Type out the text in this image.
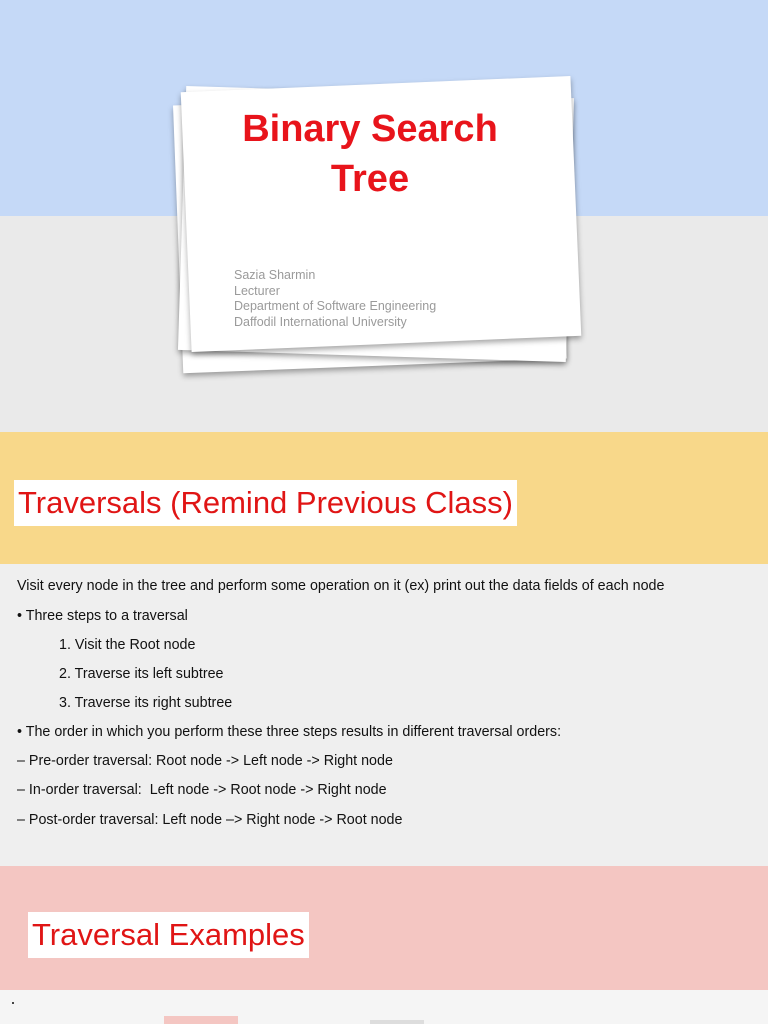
Binary Search
Tree
Sazia Sharmin
Lecturer
Department of Software Engineering
Daffodil International University
Traversals (Remind Previous Class)
Visit every node in the tree and perform some operation on it (ex) print out the data fields of each node
• Three steps to a traversal
1. Visit the Root node
2. Traverse its left subtree
3. Traverse its right subtree
• The order in which you perform these three steps results in different traversal orders:
– Pre-order traversal: Root node -> Left node -> Right node
– In-order traversal:  Left node -> Root node -> Right node
– Post-order traversal: Left node –> Right node -> Root node
Traversal Examples
